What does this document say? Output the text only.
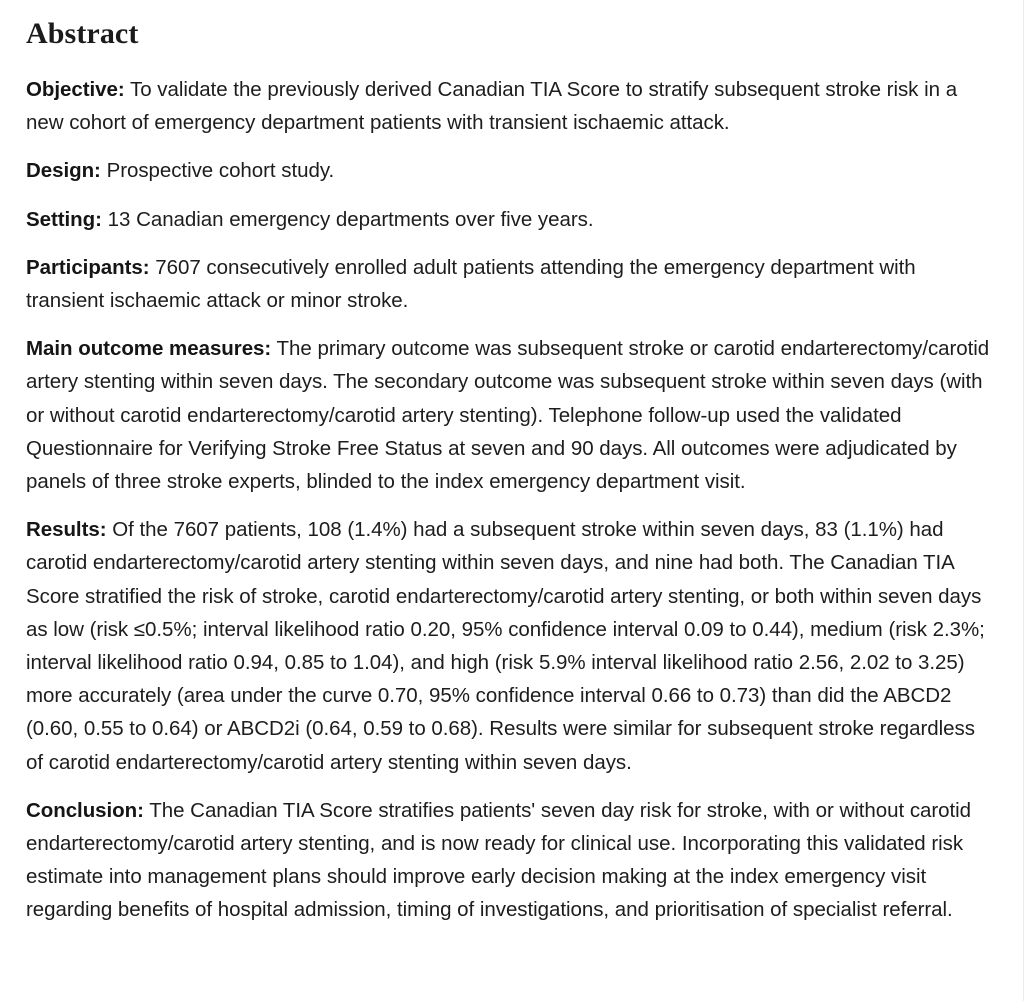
Abstract

Objective: To validate the previously derived Canadian TIA Score to stratify subsequent stroke risk in a new cohort of emergency department patients with transient ischaemic attack.

Design: Prospective cohort study.

Setting: 13 Canadian emergency departments over five years.

Participants: 7607 consecutively enrolled adult patients attending the emergency department with transient ischaemic attack or minor stroke.

Main outcome measures: The primary outcome was subsequent stroke or carotid endarterectomy/carotid artery stenting within seven days. The secondary outcome was subsequent stroke within seven days (with or without carotid endarterectomy/carotid artery stenting). Telephone follow-up used the validated Questionnaire for Verifying Stroke Free Status at seven and 90 days. All outcomes were adjudicated by panels of three stroke experts, blinded to the index emergency department visit.

Results: Of the 7607 patients, 108 (1.4%) had a subsequent stroke within seven days, 83 (1.1%) had carotid endarterectomy/carotid artery stenting within seven days, and nine had both. The Canadian TIA Score stratified the risk of stroke, carotid endarterectomy/carotid artery stenting, or both within seven days as low (risk ≤0.5%; interval likelihood ratio 0.20, 95% confidence interval 0.09 to 0.44), medium (risk 2.3%; interval likelihood ratio 0.94, 0.85 to 1.04), and high (risk 5.9% interval likelihood ratio 2.56, 2.02 to 3.25) more accurately (area under the curve 0.70, 95% confidence interval 0.66 to 0.73) than did the ABCD2 (0.60, 0.55 to 0.64) or ABCD2i (0.64, 0.59 to 0.68). Results were similar for subsequent stroke regardless of carotid endarterectomy/carotid artery stenting within seven days.

Conclusion: The Canadian TIA Score stratifies patients' seven day risk for stroke, with or without carotid endarterectomy/carotid artery stenting, and is now ready for clinical use. Incorporating this validated risk estimate into management plans should improve early decision making at the index emergency visit regarding benefits of hospital admission, timing of investigations, and prioritisation of specialist referral.
